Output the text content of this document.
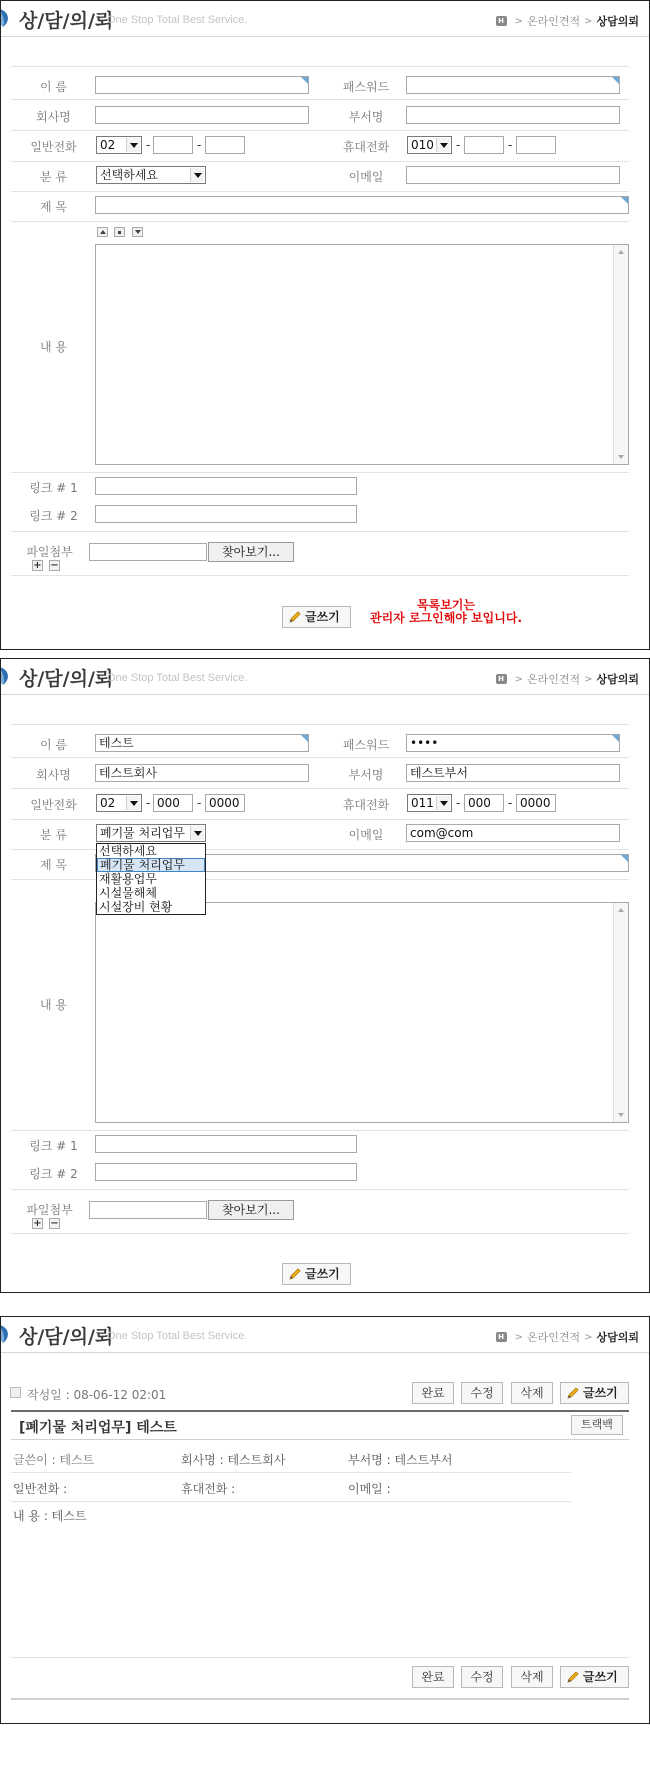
상/담/의/뢰
One Stop Total Best Service.	H > 온라인견적 > 상담의뢰
이 름	패스워드
회사명	부서명
일반전화	02	-	-	휴대전화	010	-	-
분 류	선택하세요	이메일
제 목
내 용
링크 # 1
링크 # 2
파일첨부
+ −
찾아보기...
글쓰기
목록보기는
관리자 로그인해야 보입니다.
상/담/의/뢰
One Stop Total Best Service.	H > 온라인견적 > 상담의뢰
이 름	테스트	패스워드	••••
회사명	테스트회사	부서명	테스트부서
일반전화	02	- 000	- 0000	휴대전화	011	- 000	- 0000
분 류	폐기물 처리업무	이메일	com@com
제 목
내 용
링크 # 1
링크 # 2
파일첨부
+ −
찾아보기...
글쓰기
선택하세요
폐기물 처리업무
재활용업무
시설물해체
시설장비 현황
상/담/의/뢰
One Stop Total Best Service.	H > 온라인견적 > 상담의뢰
작성일 : 08-06-12 02:01	완료	수정	삭제	글쓰기
[폐기물 처리업무] 테스트	트랙백
글쓴이 : 테스트	회사명 : 테스트회사	부서명 : 테스트부서
일반전화 :	휴대전화 :	이메일 :
내 용 : 테스트
완료	수정	삭제	글쓰기
